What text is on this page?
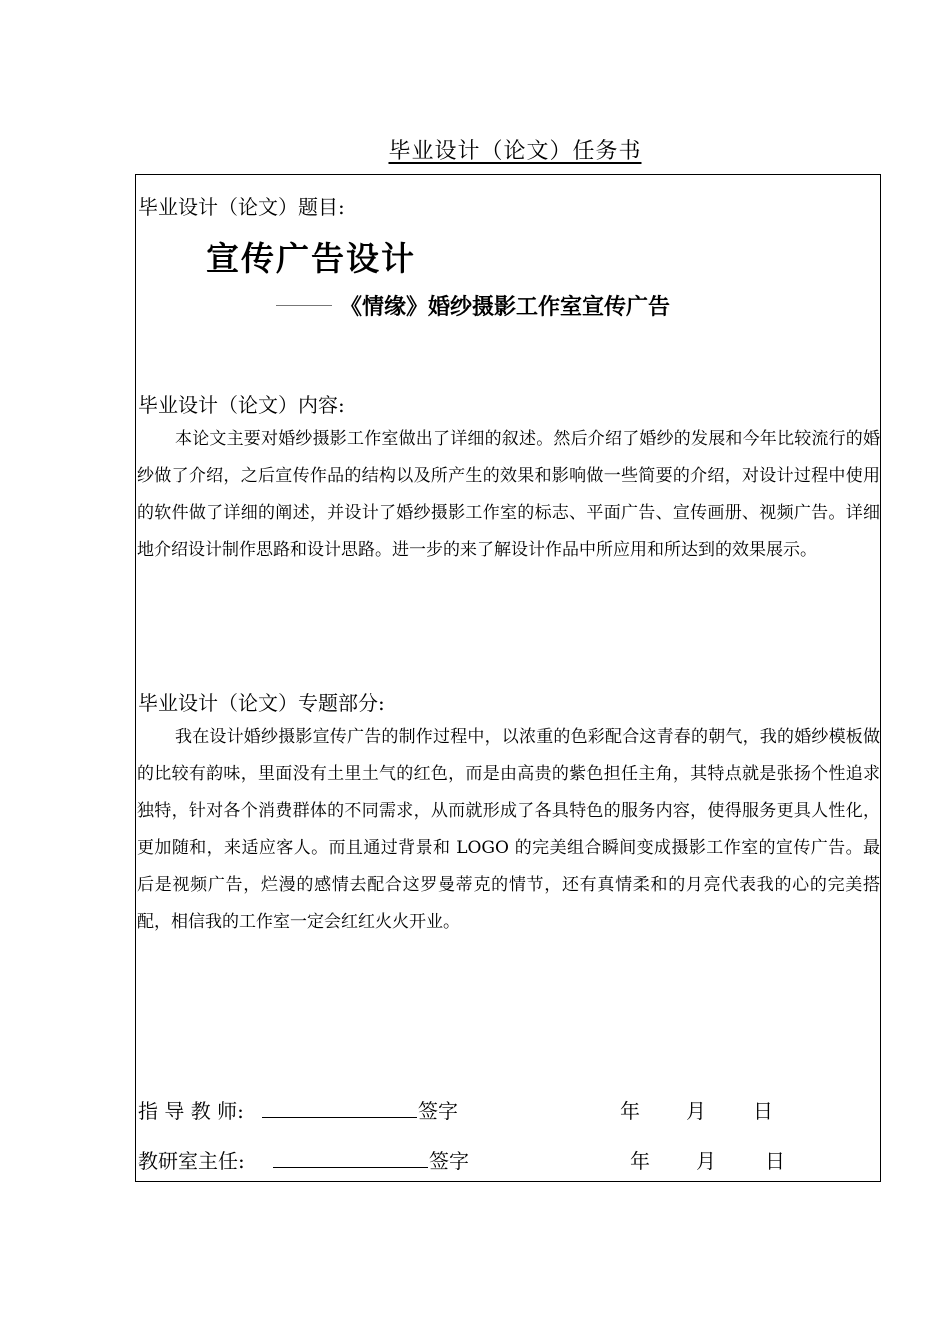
毕业设计（论文）任务书
毕业设计（论文）题目:
宣传广告设计
《情缘》婚纱摄影工作室宣传广告
毕业设计（论文）内容:
本论文主要对婚纱摄影工作室做出了详细的叙述。然后介绍了婚纱的发展和今年比较流行的婚纱做了介绍，之后宣传作品的结构以及所产生的效果和影响做一些简要的介绍，对设计过程中使用的软件做了详细的阐述，并设计了婚纱摄影工作室的标志、平面广告、宣传画册、视频广告。详细地介绍设计制作思路和设计思路。进一步的来了解设计作品中所应用和所达到的效果展示。
毕业设计（论文）专题部分:
我在设计婚纱摄影宣传广告的制作过程中，以浓重的色彩配合这青春的朝气，我的婚纱模板做的比较有韵味，里面没有土里土气的红色，而是由高贵的紫色担任主角，其特点就是张扬个性追求独特，针对各个消费群体的不同需求，从而就形成了各具特色的服务内容，使得服务更具人性化，更加随和，来适应客人。而且通过背景和 LOGO 的完美组合瞬间变成摄影工作室的宣传广告。最后是视频广告，烂漫的感情去配合这罗曼蒂克的情节，还有真情柔和的月亮代表我的心的完美搭配，相信我的工作室一定会红红火火开业。
指 导 教 师:	签字	年 月 日
教研室主任:	签字	年 月 日
